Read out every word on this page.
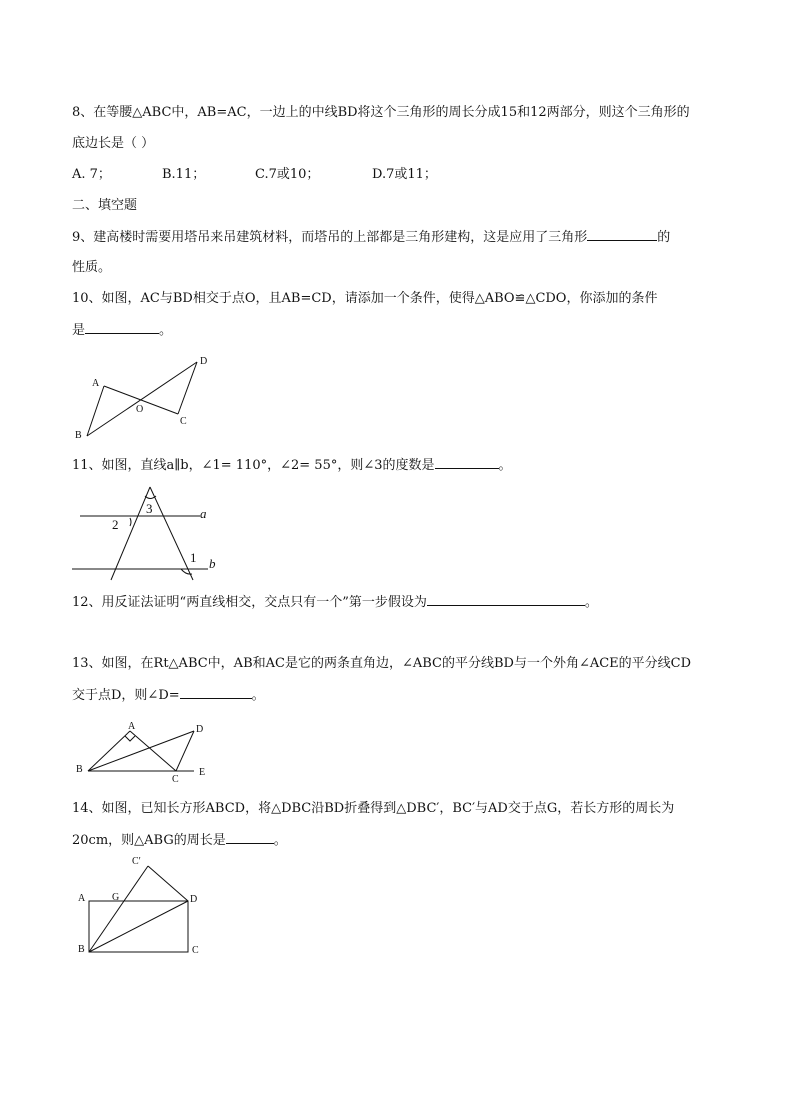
8、在等腰△ABC中，AB=AC，一边上的中线BD将这个三角形的周长分成15和12两部分，则这个三角形的
底边长是（ ）
A. 7；	B.11；	C.7或10；	D.7或11；
二、填空题
9、建高楼时需要用塔吊来吊建筑材料，而塔吊的上部都是三角形建构，这是应用了三角形	的
性质。
10、如图，AC与BD相交于点O，且AB=CD，请添加一个条件，使得△ABO≌△CDO，你添加的条件
是	。
A
B
C
D
O
11、如图，直线a∥b，∠1= 110°，∠2= 55°，则∠3的度数是	。
3
2
1
a
b
12、用反证法证明“两直线相交，交点只有一个”第一步假设为	。
13、如图，在Rt△ABC中，AB和AC是它的两条直角边，∠ABC的平分线BD与一个外角∠ACE的平分线CD
交于点D，则∠D=	。
A
B
C
D
E
14、如图，已知长方形ABCD，将△DBC沿BD折叠得到△DBC′，BC′与AD交于点G，若长方形的周长为
20cm，则△ABG的周长是	。
A
B	C
D
G
C′
